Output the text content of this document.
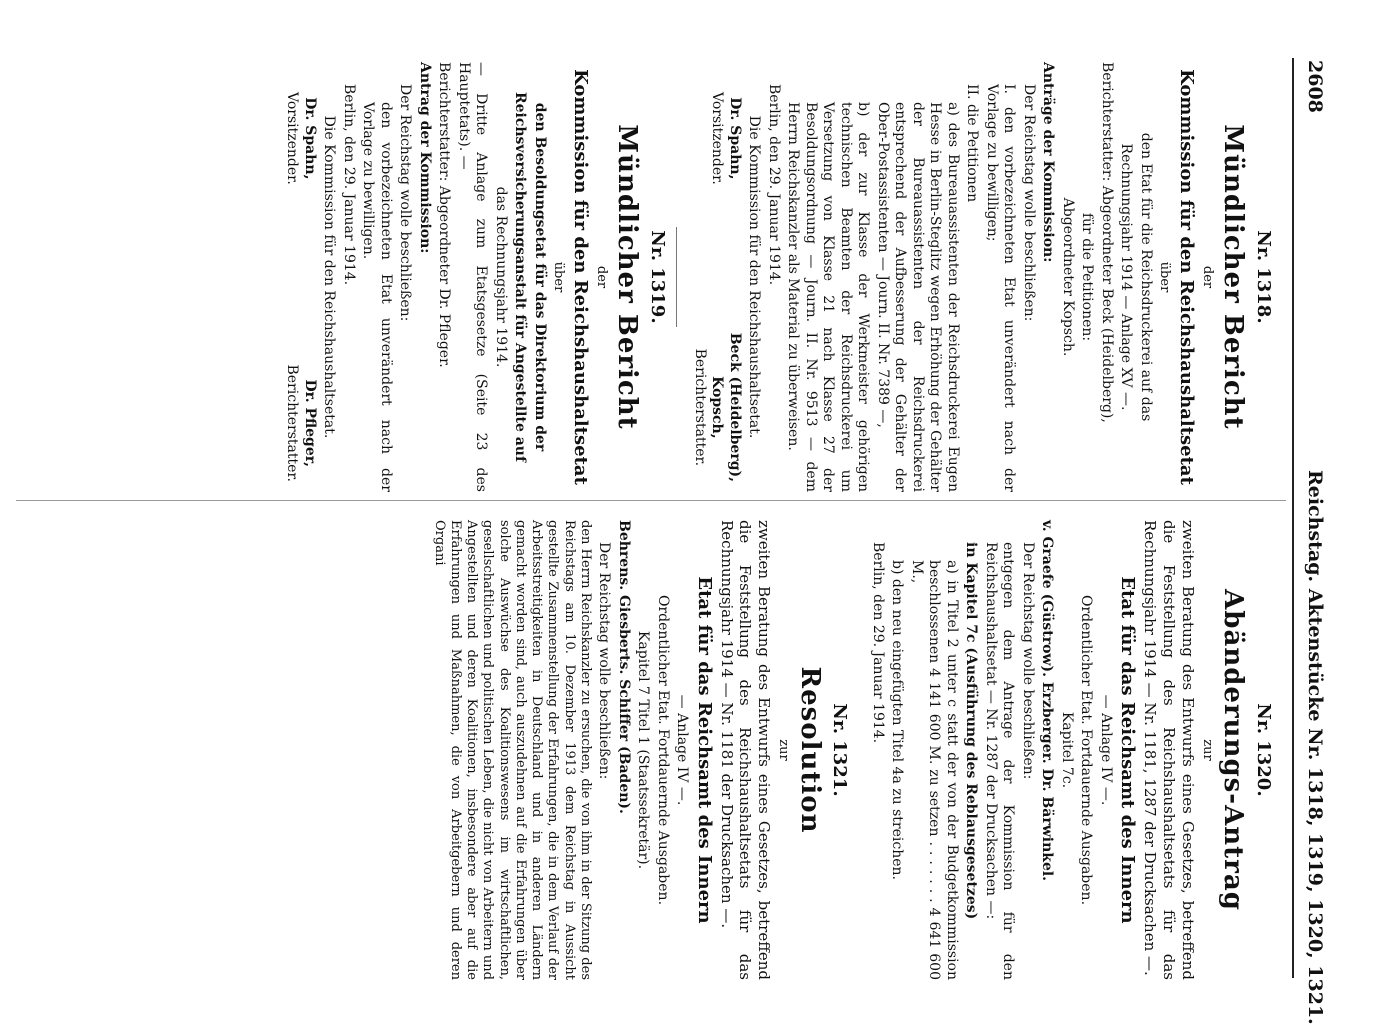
2608
Reichstag. Aktenstücke Nr. 1318, 1319, 1320, 1321.
Nr. 1318.
Mündlicher Bericht

der

Kommission für den Reichshaushaltsetat

über

den Etat für die Reichsdruckerei auf das

Rechnungsjahr 1914 — Anlage XV —.

Berichterstatter: Abgeordneter Beck (Heidelberg),

für die Petitionen:

Abgeordneter Kopsch.

Anträge der Kommission:

Der Reichstag wolle beschließen:

I. den vorbezeichneten Etat unverändert nach der Vorlage zu bewilligen;

II. die Petitionen

a) des Bureauassistenten der Reichsdruckerei Eugen Hesse in Berlin-Steglitz wegen Erhöhung der Gehälter der Bureauassistenten der Reichsdruckerei entsprechend der Aufbesserung der Gehälter der Ober-Postassistenten — Journ. II. Nr. 7389 —,

b) der zur Klasse der Werkmeister gehörigen technischen Beamten der Reichsdruckerei um Versetzung von Klasse 21 nach Klasse 27 der Besoldungsordnung — Journ. II. Nr. 9513 — dem Herrn Reichskanzler als Material zu überweisen.

Berlin, den 29. Januar 1914.

Die Kommission für den Reichshaushaltsetat.

Dr. Spahn,
Vorsitzender.
Beck (Heidelberg),
Kopsch,
Berichterstatter.
Nr. 1319.
Mündlicher Bericht

der

Kommission für den Reichshaushaltsetat

über

den Besoldungsetat für das Direktorium der

Reichsversicherungsanstalt für Angestellte auf

das Rechnungsjahr 1914.

— Dritte Anlage zum Etatsgesetze (Seite 23 des Hauptetats). —

Berichterstatter: Abgeordneter Dr. Pfleger.

Antrag der Kommission:

Der Reichstag wolle beschließen:

den vorbezeichneten Etat unverändert nach der Vorlage zu bewilligen.

Berlin, den 29. Januar 1914.

Die Kommission für den Reichshaushaltsetat.

Dr. Spahn,
Vorsitzender.
Dr. Pfleger,
Berichterstatter.
Nr. 1320.
Abänderungs-Antrag

zur

zweiten Beratung des Entwurfs eines Gesetzes, betreffend die Feststellung des Reichshaushaltsetats für das Rechnungsjahr 1914 — Nr. 1181, 1287 der Drucksachen —.

Etat für das Reichsamt des Innern

— Anlage IV —.

Ordentlicher Etat. Fortdauernde Ausgaben.

Kapitel 7c.

v. Graefe (Güstrow). Erzberger. Dr. Bärwinkel.

Der Reichstag wolle beschließen:

entgegen dem Antrage der Kommission für den Reichshaushaltsetat — Nr. 1287 der Drucksachen —:

in Kapitel 7c (Ausführung des Reblausgesetzes)

a) in Titel 2 unter c statt der von der Budgetkommission beschlossenen 4 141 600 M. zu setzen . . . . . . . 4 641 600 M.,

b) den neu eingefügten Titel 4a zu streichen.

Berlin, den 29. Januar 1914.

Nr. 1321.
Resolution

zur

zweiten Beratung des Entwurfs eines Gesetzes, betreffend die Feststellung des Reichshaushaltsetats für das Rechnungsjahr 1914 — Nr. 1181 der Drucksachen —.

Etat für das Reichsamt des Innern

— Anlage IV —.

Ordentlicher Etat. Fortdauernde Ausgaben.

Kapitel 7 Titel 1 (Staatssekretär).

Behrens. Giesberts. Schiffer (Baden).

Der Reichstag wolle beschließen:

den Herrn Reichskanzler zu ersuchen, die von ihm in der Sitzung des Reichstags am 10. Dezember 1913 dem Reichstag in Aussicht gestellte Zusammenstellung der Erfahrungen, die in dem Verlauf der Arbeitsstreitigkeiten in Deutschland und in anderen Ländern gemacht worden sind, auch auszudehnen auf die Erfahrungen über solche Auswüchse des Koalitionswesens im wirtschaftlichen, gesellschaftlichen und politischen Leben, die nicht von Arbeitern und Angestellten und deren Koalitionen, insbesondere aber auf die Erfahrungen und Maßnahmen, die von Arbeitgebern und deren Organi
